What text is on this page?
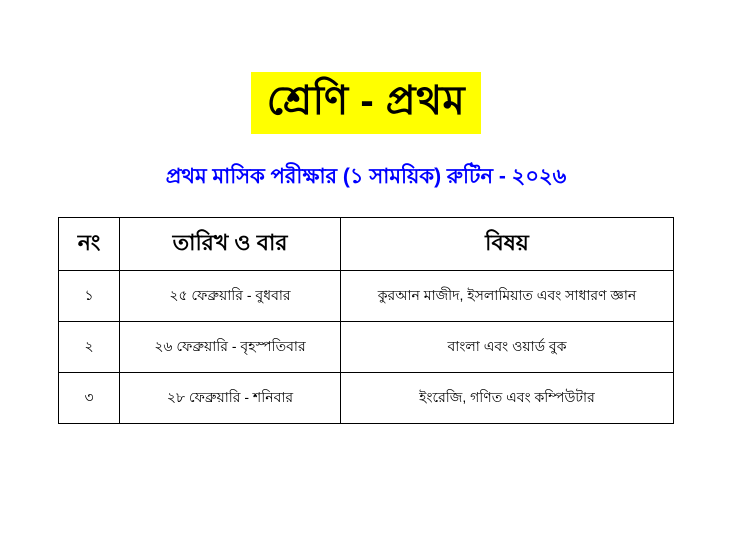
শ্রেণি - প্রথম
প্রথম মাসিক পরীক্ষার (১ সাময়িক) রুটিন - ২০২৬
নং	তারিখ ও বার	বিষয়
১	২৫ ফেব্রুয়ারি - বুধবার	কুরআন মাজীদ, ইসলামিয়াত এবং সাধারণ জ্ঞান
২	২৬ ফেব্রুয়ারি - বৃহস্পতিবার	বাংলা এবং ওয়ার্ড বুক
৩	২৮ ফেব্রুয়ারি - শনিবার	ইংরেজি, গণিত এবং কম্পিউটার
